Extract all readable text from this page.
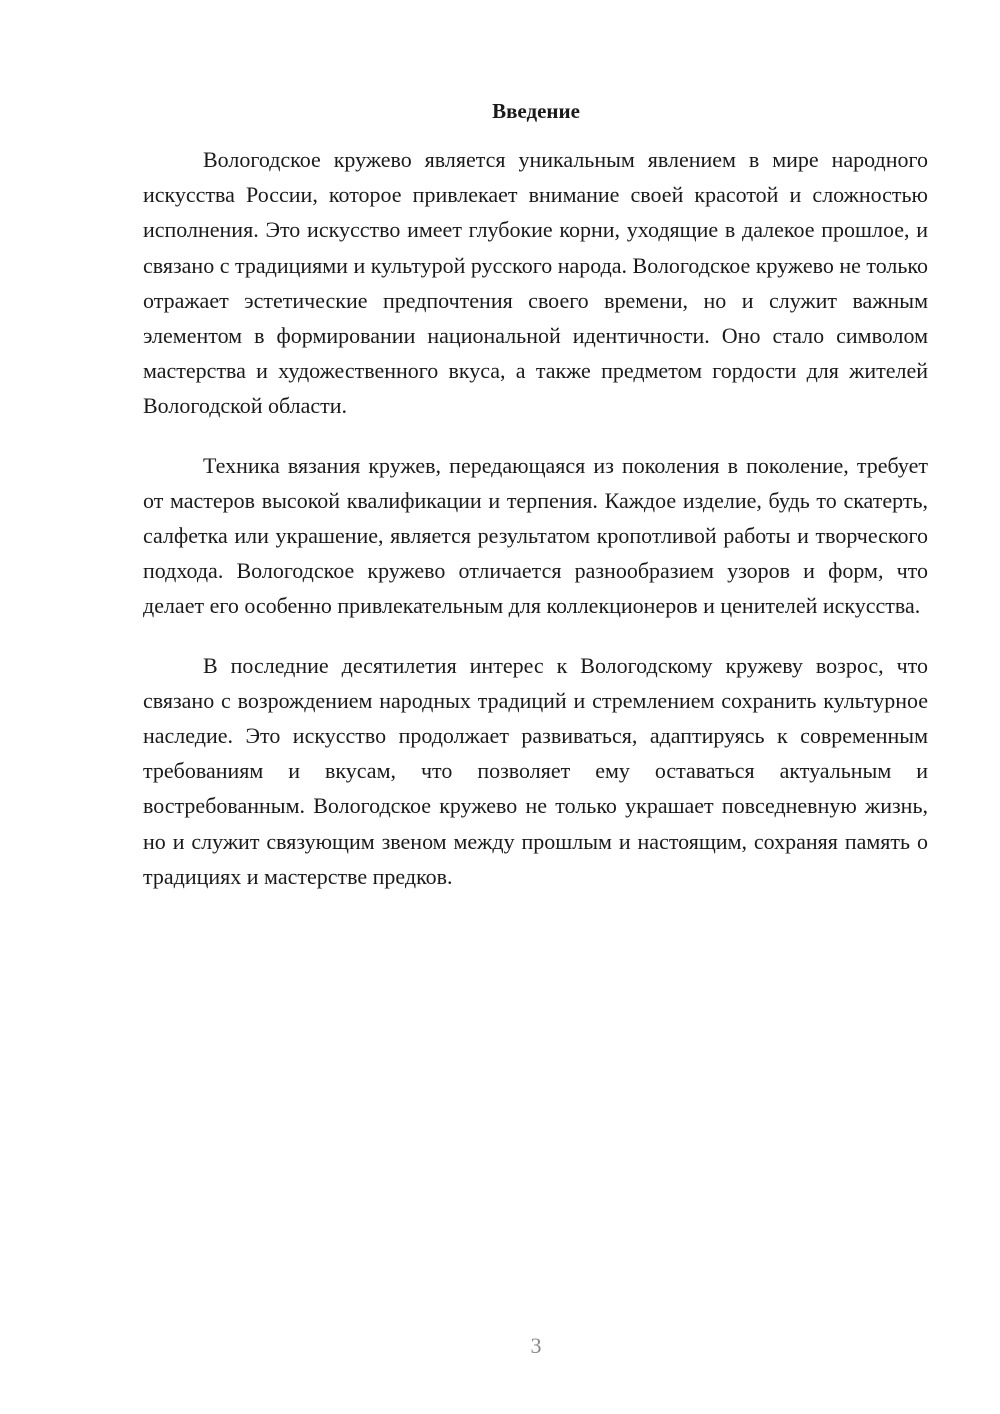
Введение

Вологодское кружево является уникальным явлением в мире народного искусства России, которое привлекает внимание своей красотой и сложностью исполнения. Это искусство имеет глубокие корни, уходящие в далекое прошлое, и связано с традициями и культурой русского народа. Вологодское кружево не только отражает эстетические предпочтения своего времени, но и служит важным элементом в формировании национальной идентичности. Оно стало символом мастерства и художественного вкуса, а также предметом гордости для жителей Вологодской области.

Техника вязания кружев, передающаяся из поколения в поколение, требует от мастеров высокой квалификации и терпения. Каждое изделие, будь то скатерть, салфетка или украшение, является результатом кропотливой работы и творческого подхода. Вологодское кружево отличается разнообразием узоров и форм, что делает его особенно привлекательным для коллекционеров и ценителей искусства.

В последние десятилетия интерес к Вологодскому кружеву возрос, что связано с возрождением народных традиций и стремлением сохранить культурное наследие. Это искусство продолжает развиваться, адаптируясь к современным требованиям и вкусам, что позволяет ему оставаться актуальным и востребованным. Вологодское кружево не только украшает повседневную жизнь, но и служит связующим звеном между прошлым и настоящим, сохраняя память о традициях и мастерстве предков.

3
